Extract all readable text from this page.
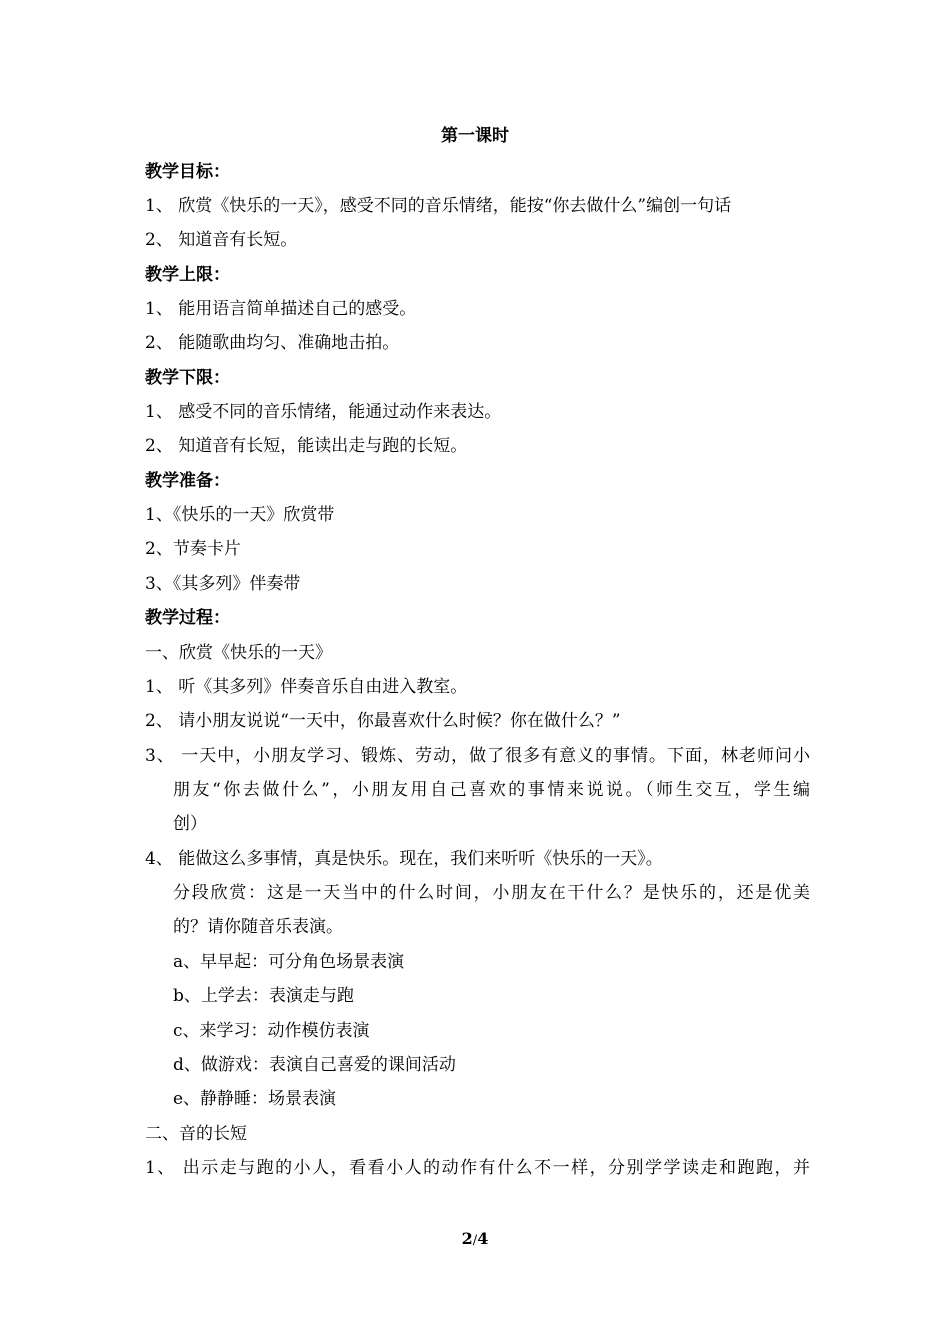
第一课时
教学目标：
1、 欣赏《快乐的一天》，感受不同的音乐情绪，能按“你去做什么”编创一句话
2、 知道音有长短。
教学上限：
1、 能用语言简单描述自己的感受。
2、 能随歌曲均匀、准确地击拍。
教学下限：
1、 感受不同的音乐情绪，能通过动作来表达。
2、 知道音有长短，能读出走与跑的长短。
教学准备：
1、《快乐的一天》欣赏带
2、节奏卡片
3、《其多列》伴奏带
教学过程：
一、欣赏《快乐的一天》
1、 听《其多列》伴奏音乐自由进入教室。
2、 请小朋友说说“一天中，你最喜欢什么时候？你在做什么？”
3、 一天中，小朋友学习、锻炼、劳动，做了很多有意义的事情。下面，林老师问小
朋友“你去做什么”，小朋友用自己喜欢的事情来说说。（师生交互，学生编
创）
4、 能做这么多事情，真是快乐。现在，我们来听听《快乐的一天》。
分段欣赏：这是一天当中的什么时间，小朋友在干什么？是快乐的，还是优美
的？请你随音乐表演。
a、早早起：可分角色场景表演
b、上学去：表演走与跑
c、来学习：动作模仿表演
d、做游戏：表演自己喜爱的课间活动
e、静静睡：场景表演
二、音的长短
1、 出示走与跑的小人，看看小人的动作有什么不一样，分别学学读走和跑跑，并
2/4
